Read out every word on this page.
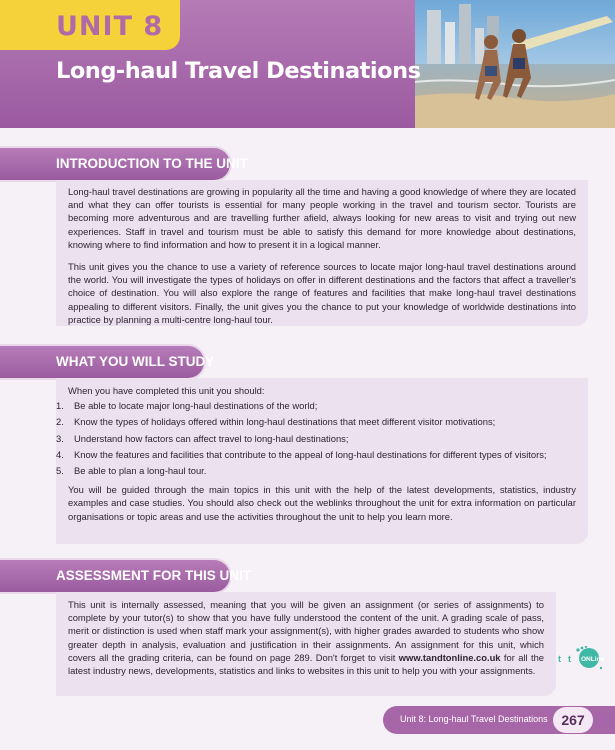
UNIT 8
Long-haul Travel Destinations
INTRODUCTION TO THE UNIT

Long-haul travel destinations are growing in popularity all the time and having a good knowledge of where they are located and what they can offer tourists is essential for many people working in the travel and tourism sector. Tourists are becoming more adventurous and are travelling further afield, always looking for new areas to visit and trying out new experiences. Staff in travel and tourism must be able to satisfy this demand for more knowledge about destinations, knowing where to find information and how to present it in a logical manner.

This unit gives you the chance to use a variety of reference sources to locate major long-haul travel destinations around the world. You will investigate the types of holidays on offer in different destinations and the factors that affect a traveller's choice of destination. You will also explore the range of features and facilities that make long-haul travel destinations appealing to different visitors. Finally, the unit gives you the chance to put your knowledge of worldwide destinations into practice by planning a multi-centre long-haul tour.

WHAT YOU WILL STUDY

When you have completed this unit you should:

1. Be able to locate major long-haul destinations of the world;
2. Know the types of holidays offered within long-haul destinations that meet different visitor motivations;
3. Understand how factors can affect travel to long-haul destinations;
4. Know the features and facilities that contribute to the appeal of long-haul destinations for different types of visitors;
5. Be able to plan a long-haul tour.

You will be guided through the main topics in this unit with the help of the latest developments, statistics, industry examples and case studies. You should also check out the weblinks throughout the unit for extra information on particular organisations or topic areas and use the activities throughout the unit to help you learn more.

ASSESSMENT FOR THIS UNIT

This unit is internally assessed, meaning that you will be given an assignment (or series of assignments) to complete by your tutor(s) to show that you have fully understood the content of the unit. A grading scale of pass, merit or distinction is used when staff mark your assignment(s), with higher grades awarded to students who show greater depth in analysis, evaluation and justification in their assignments. An assignment for this unit, which covers all the grading criteria, can be found on page 289. Don't forget to visit www.tandtonline.co.uk for all the latest industry news, developments, statistics and links to websites in this unit to help you with your assignments.

t t ONLine
Unit 8: Long-haul Travel Destinations 267
